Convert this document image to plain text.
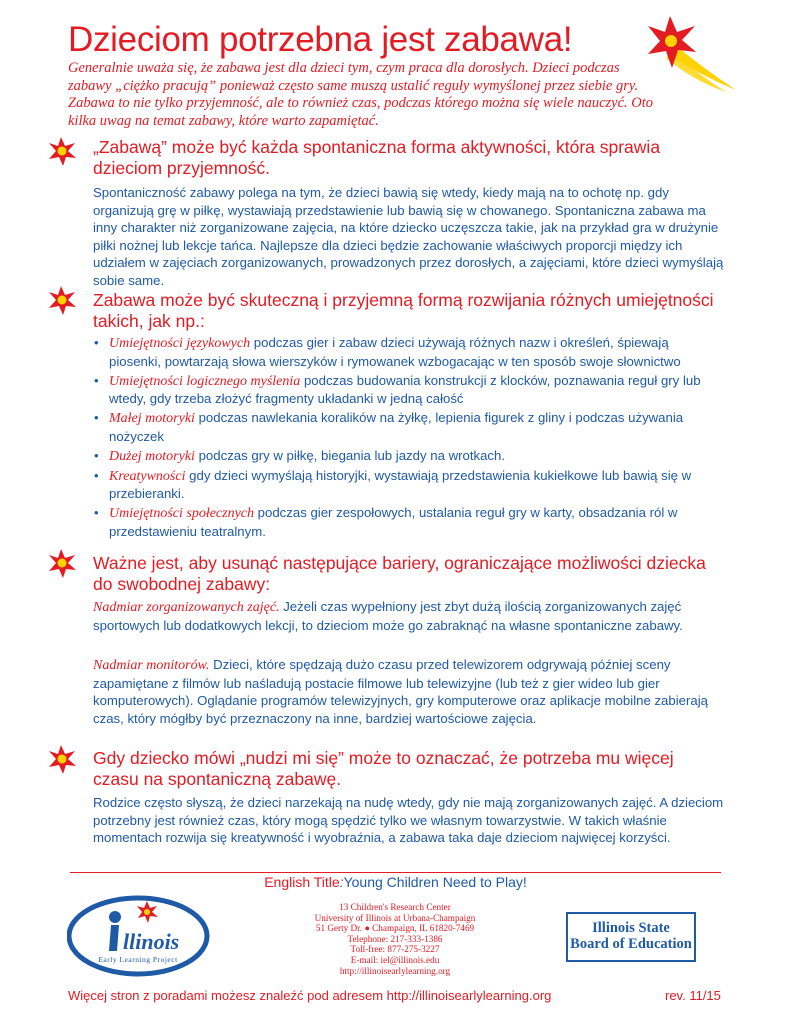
Dzieciom potrzebna jest zabawa!

Generalnie uważa się, że zabawa jest dla dzieci tym, czym praca dla dorosłych. Dzieci podczas zabawy „ciężko pracują” ponieważ często same muszą ustalić reguły wymyślonej przez siebie gry. Zabawa to nie tylko przyjemność, ale to również czas, podczas którego można się wiele nauczyć. Oto kilka uwag na temat zabawy, które warto zapamiętać.

„Zabawą” może być każda spontaniczna forma aktywności, która sprawia dzieciom przyjemność.

Spontaniczność zabawy polega na tym, że dzieci bawią się wtedy, kiedy mają na to ochotę np. gdy organizują grę w piłkę, wystawiają przedstawienie lub bawią się w chowanego. Spontaniczna zabawa ma inny charakter niż zorganizowane zajęcia, na które dziecko uczęszcza takie, jak na przykład gra w drużynie piłki nożnej lub lekcje tańca. Najlepsze dla dzieci będzie zachowanie właściwych proporcji między ich udziałem w zajęciach zorganizowanych, prowadzonych przez dorosłych, a zajęciami, które dzieci wymyślają sobie same.

Zabawa może być skuteczną i przyjemną formą rozwijania różnych umiejętności takich, jak np.:
• Umiejętności językowych podczas gier i zabaw dzieci używają różnych nazw i określeń, śpiewają piosenki, powtarzają słowa wierszyków i rymowanek wzbogacając w ten sposób swoje słownictwo
• Umiejętności logicznego myślenia podczas budowania konstrukcji z klocków, poznawania reguł gry lub wtedy, gdy trzeba złożyć fragmenty układanki w jedną całość
• Małej motoryki podczas nawlekania koralików na żyłkę, lepienia figurek z gliny i podczas używania nożyczek
• Dużej motoryki podczas gry w piłkę, biegania lub jazdy na wrotkach.
• Kreatywności gdy dzieci wymyślają historyjki, wystawiają przedstawienia kukiełkowe lub bawią się w przebieranki.
• Umiejętności społecznych podczas gier zespołowych, ustalania reguł gry w karty, obsadzania ról w przedstawieniu teatralnym.
Ważne jest, aby usunąć następujące bariery, ograniczające możliwości dziecka do swobodnej zabawy:

Nadmiar zorganizowanych zajęć. Jeżeli czas wypełniony jest zbyt dużą ilością zorganizowanych zajęć sportowych lub dodatkowych lekcji, to dzieciom może go zabraknąć na własne spontaniczne zabawy.

Nadmiar monitorów. Dzieci, które spędzają dużo czasu przed telewizorem odgrywają później sceny zapamiętane z filmów lub naśladują postacie filmowe lub telewizyjne (lub też z gier wideo lub gier komputerowych). Oglądanie programów telewizyjnych, gry komputerowe oraz aplikacje mobilne zabierają czas, który mógłby być przeznaczony na inne, bardziej wartościowe zajęcia.

Gdy dziecko mówi „nudzi mi się” może to oznaczać, że potrzeba mu więcej czasu na spontaniczną zabawę.

Rodzice często słyszą, że dzieci narzekają na nudę wtedy, gdy nie mają zorganizowanych zajęć. A dzieciom potrzebny jest również czas, który mogą spędzić tylko we własnym towarzystwie. W takich właśnie momentach rozwija się kreatywność i wyobraźnia, a zabawa taka daje dzieciom najwięcej korzyści.

English Title:Young Children Need to Play!
llinois
Early Learning Project
13 Children's Research Center
University of Illinois at Urbana-Champaign
51 Gerty Dr. ● Champaign, IL 61820-7469
Telephone: 217-333-1386
Toll-free: 877-275-3227
E-mail: iel@illinois.edu
http://illinoisearlylearning.org
Illinois State
Board of Education
Więcej stron z poradami możesz znaleźć pod adresem http://illinoisearlylearning.org	rev. 11/15
